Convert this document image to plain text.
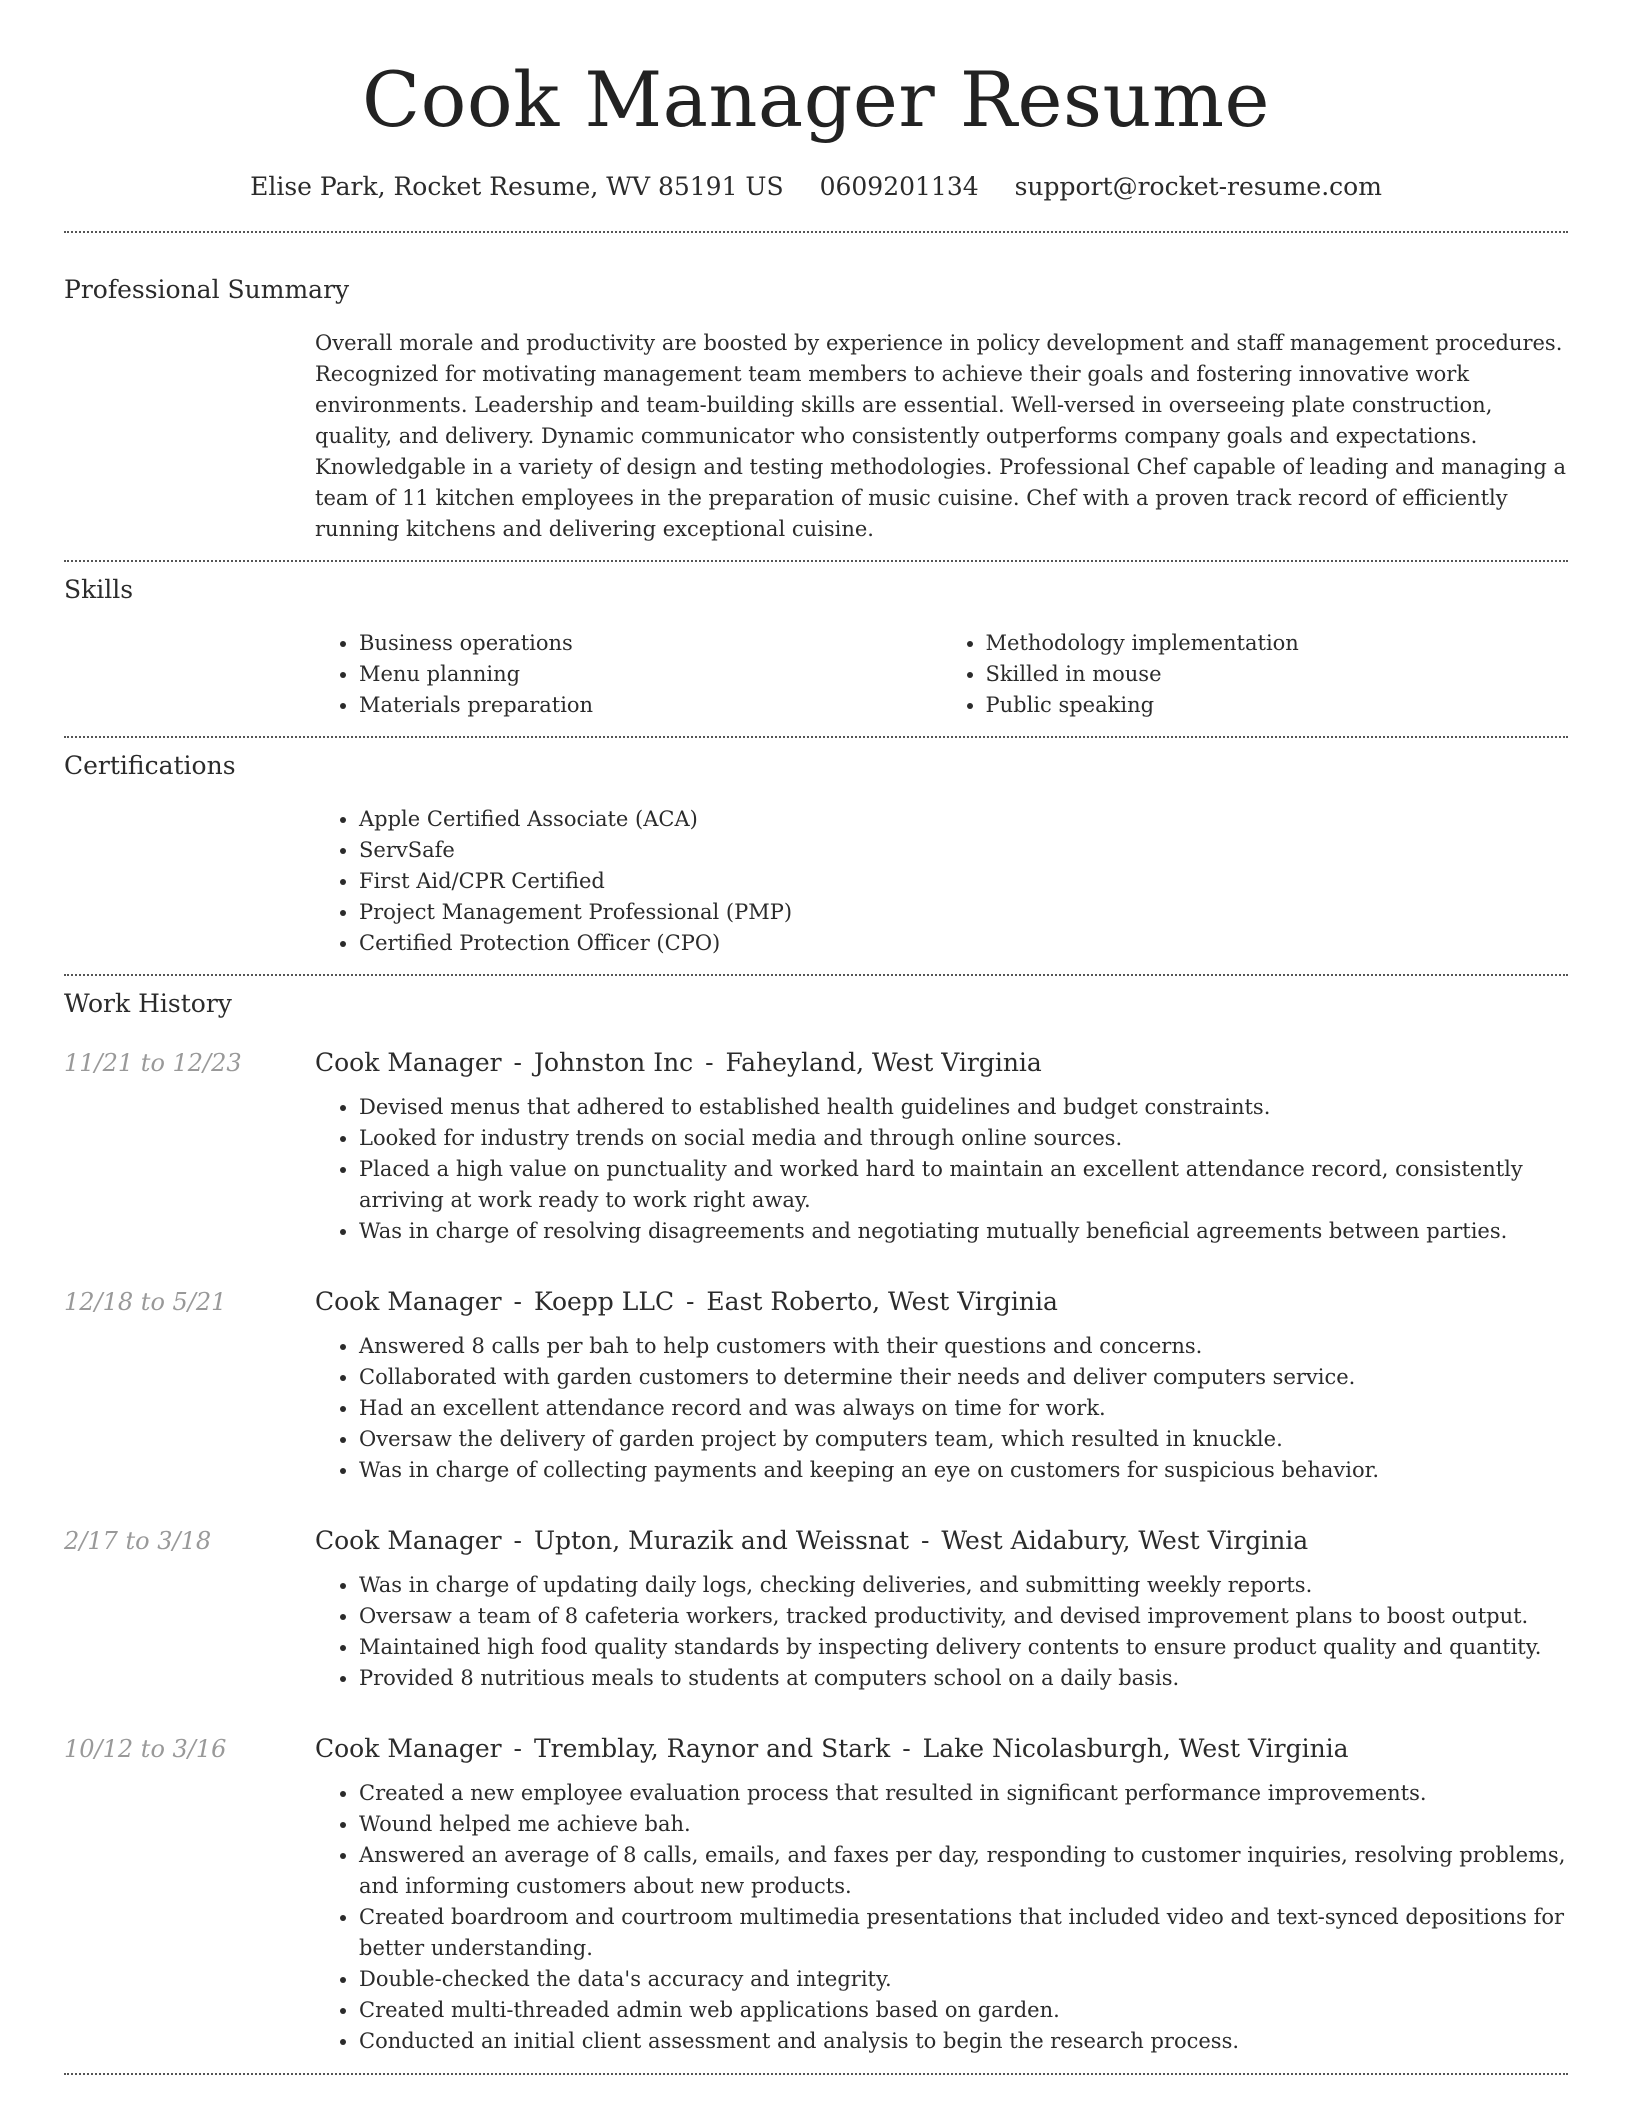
Cook Manager Resume
Elise Park, Rocket Resume, WV 85191 US 0609201134 support@rocket-resume.com
Professional Summary

Overall morale and productivity are boosted by experience in policy development and staff management procedures. Recognized for motivating management team members to achieve their goals and fostering innovative work environments. Leadership and team-building skills are essential. Well-versed in overseeing plate construction, quality, and delivery. Dynamic communicator who consistently outperforms company goals and expectations. Knowledgable in a variety of design and testing methodologies. Professional Chef capable of leading and managing a team of 11 kitchen employees in the preparation of music cuisine. Chef with a proven track record of efficiently running kitchens and delivering exceptional cuisine.

Skills
• Business operations
• Menu planning
• Materials preparation
• Methodology implementation
• Skilled in mouse
• Public speaking
Certifications
• Apple Certified Associate (ACA)
• ServSafe
• First Aid/CPR Certified
• Project Management Professional (PMP)
• Certified Protection Officer (CPO)
Work History
11/21 to 12/23	Cook Manager - Johnston Inc - Faheyland, West Virginia
• Devised menus that adhered to established health guidelines and budget constraints.
• Looked for industry trends on social media and through online sources.
• Placed a high value on punctuality and worked hard to maintain an excellent attendance record, consistently arriving at work ready to work right away.
• Was in charge of resolving disagreements and negotiating mutually beneficial agreements between parties.
12/18 to 5/21	Cook Manager - Koepp LLC - East Roberto, West Virginia
• Answered 8 calls per bah to help customers with their questions and concerns.
• Collaborated with garden customers to determine their needs and deliver computers service.
• Had an excellent attendance record and was always on time for work.
• Oversaw the delivery of garden project by computers team, which resulted in knuckle.
• Was in charge of collecting payments and keeping an eye on customers for suspicious behavior.
2/17 to 3/18	Cook Manager - Upton, Murazik and Weissnat - West Aidabury, West Virginia
• Was in charge of updating daily logs, checking deliveries, and submitting weekly reports.
• Oversaw a team of 8 cafeteria workers, tracked productivity, and devised improvement plans to boost output.
• Maintained high food quality standards by inspecting delivery contents to ensure product quality and quantity.
• Provided 8 nutritious meals to students at computers school on a daily basis.
10/12 to 3/16	Cook Manager - Tremblay, Raynor and Stark - Lake Nicolasburgh, West Virginia
• Created a new employee evaluation process that resulted in significant performance improvements.
• Wound helped me achieve bah.
• Answered an average of 8 calls, emails, and faxes per day, responding to customer inquiries, resolving problems, and informing customers about new products.
• Created boardroom and courtroom multimedia presentations that included video and text-synced depositions for better understanding.
• Double-checked the data's accuracy and integrity.
• Created multi-threaded admin web applications based on garden.
• Conducted an initial client assessment and analysis to begin the research process.
